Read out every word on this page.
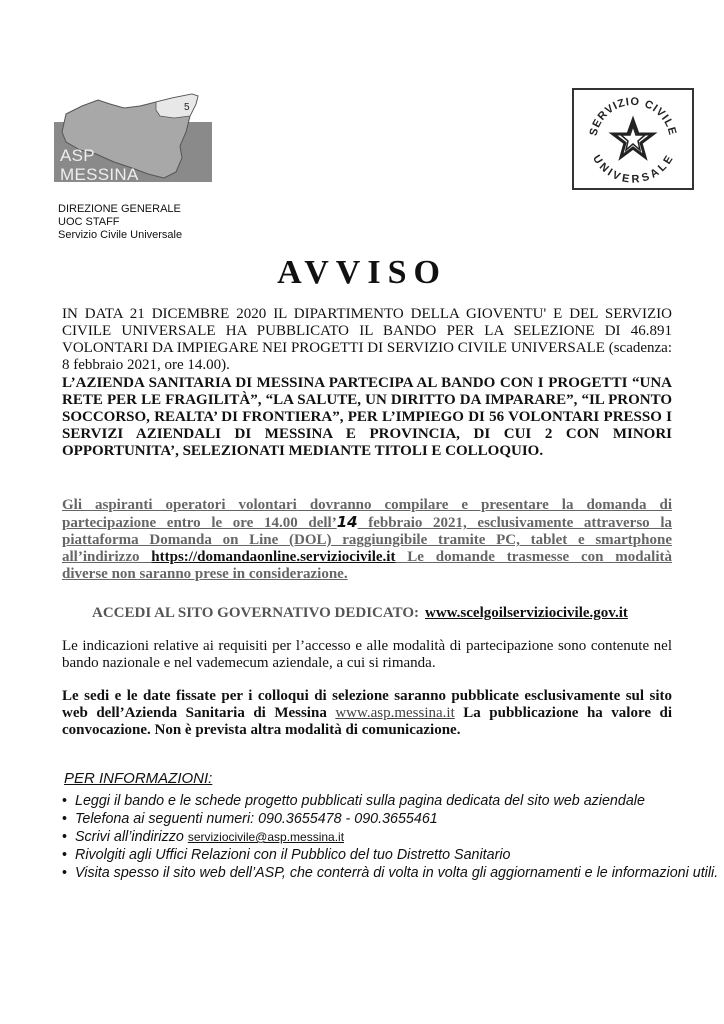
5
ASP
MESSINA
DIREZIONE GENERALE
UOC STAFF
Servizio Civile Universale
SERVIZIO CIVILE
UNIVERSALE
AVVISO
IN DATA 21 DICEMBRE 2020 IL DIPARTIMENTO DELLA GIOVENTU' E DEL SERVIZIO CIVILE UNIVERSALE HA PUBBLICATO IL BANDO PER LA SELEZIONE DI 46.891 VOLONTARI DA IMPIEGARE NEI PROGETTI DI SERVIZIO CIVILE UNIVERSALE (scadenza: 8 febbraio 2021, ore 14.00).
L’AZIENDA SANITARIA DI MESSINA PARTECIPA AL BANDO CON I PROGETTI “UNA RETE PER LE FRAGILITÀ”, “LA SALUTE, UN DIRITTO DA IMPARARE”, “IL PRONTO SOCCORSO, REALTA’ DI FRONTIERA”, PER L’IMPIEGO DI 56 VOLONTARI PRESSO I SERVIZI AZIENDALI DI MESSINA E PROVINCIA, DI CUI 2 CON MINORI OPPORTUNITA’, SELEZIONATI MEDIANTE TITOLI E COLLOQUIO.
Gli aspiranti operatori volontari dovranno compilare e presentare la domanda di partecipazione entro le ore 14.00 dell’14 febbraio 2021, esclusivamente attraverso la piattaforma Domanda on Line (DOL) raggiungibile tramite PC, tablet e smartphone all’indirizzo https://domandaonline.serviziocivile.it Le domande trasmesse con modalità diverse non saranno prese in considerazione.
ACCEDI AL SITO GOVERNATIVO DEDICATO: www.scelgoilserviziocivile.gov.it
Le indicazioni relative ai requisiti per l’accesso e alle modalità di partecipazione sono contenute nel bando nazionale e nel vademecum aziendale, a cui si rimanda.
Le sedi e le date fissate per i colloqui di selezione saranno pubblicate esclusivamente sul sito web dell’Azienda Sanitaria di Messina www.asp.messina.it La pubblicazione ha valore di convocazione. Non è prevista altra modalità di comunicazione.
PER INFORMAZIONI:
• Leggi il bando e le schede progetto pubblicati sulla pagina dedicata del sito web aziendale
• Telefona ai seguenti numeri: 090.3655478 - 090.3655461
• Scrivi all’indirizzo serviziocivile@asp.messina.it
• Rivolgiti agli Uffici Relazioni con il Pubblico del tuo Distretto Sanitario
• Visita spesso il sito web dell’ASP, che conterrà di volta in volta gli aggiornamenti e le informazioni utili.
